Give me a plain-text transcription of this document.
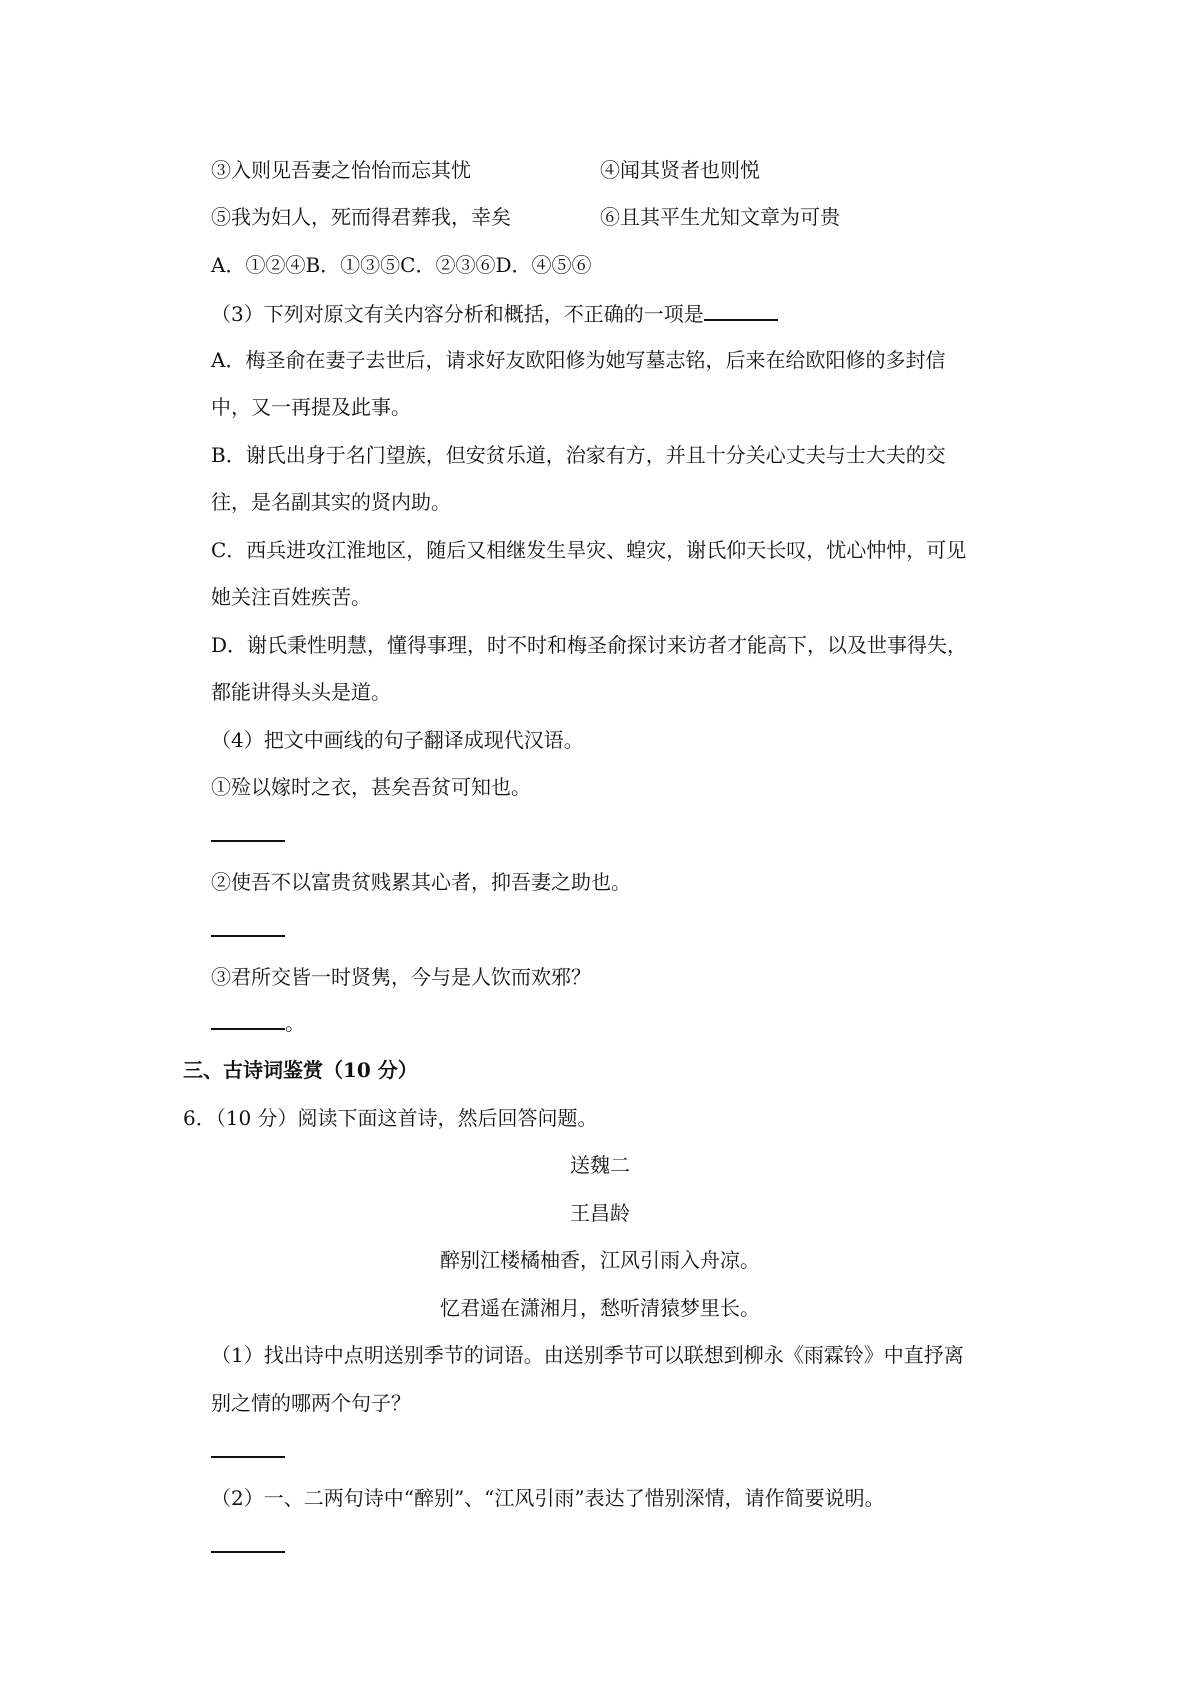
③入则见吾妻之怡怡而忘其忧	④闻其贤者也则悦
⑤我为妇人，死而得君葬我，幸矣	⑥且其平生尤知文章为可贵
A．①②④B．①③⑤C．②③⑥D．④⑤⑥
（3）下列对原文有关内容分析和概括，不正确的一项是
A．梅圣俞在妻子去世后，请求好友欧阳修为她写墓志铭，后来在给欧阳修的多封信
中，又一再提及此事。
B．谢氏出身于名门望族，但安贫乐道，治家有方，并且十分关心丈夫与士大夫的交
往，是名副其实的贤内助。
C．西兵进攻江淮地区，随后又相继发生旱灾、蝗灾，谢氏仰天长叹，忧心忡忡，可见
她关注百姓疾苦。
D．谢氏秉性明慧，懂得事理，时不时和梅圣俞探讨来访者才能高下，以及世事得失，
都能讲得头头是道。
（4）把文中画线的句子翻译成现代汉语。
①殓以嫁时之衣，甚矣吾贫可知也。
②使吾不以富贵贫贱累其心者，抑吾妻之助也。
③君所交皆一时贤隽，今与是人饮而欢邪？
。
三、古诗词鉴赏（10 分）
6．（10 分）阅读下面这首诗，然后回答问题。
送魏二
王昌龄
醉别江楼橘柚香，江风引雨入舟凉。
忆君遥在潇湘月，愁听清猿梦里长。
（1）找出诗中点明送别季节的词语。由送别季节可以联想到柳永《雨霖铃》中直抒离
别之情的哪两个句子？
（2）一、二两句诗中“醉别”、“江风引雨”表达了惜别深情，请作简要说明。
